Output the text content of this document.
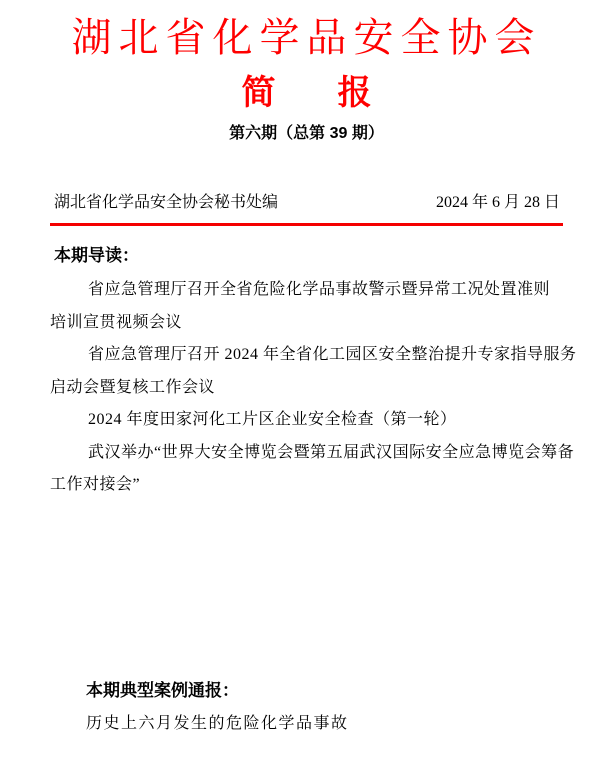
湖北省化学品安全协会
简    报
第六期（总第 39 期）
湖北省化学品安全协会秘书处编	2024 年 6 月 28 日
本期导读：
省应急管理厅召开全省危险化学品事故警示暨异常工况处置准则
培训宣贯视频会议
省应急管理厅召开 2024 年全省化工园区安全整治提升专家指导服务
启动会暨复核工作会议
2024 年度田家河化工片区企业安全检查（第一轮）
武汉举办“世界大安全博览会暨第五届武汉国际安全应急博览会筹备
工作对接会”
本期典型案例通报：
历史上六月发生的危险化学品事故
